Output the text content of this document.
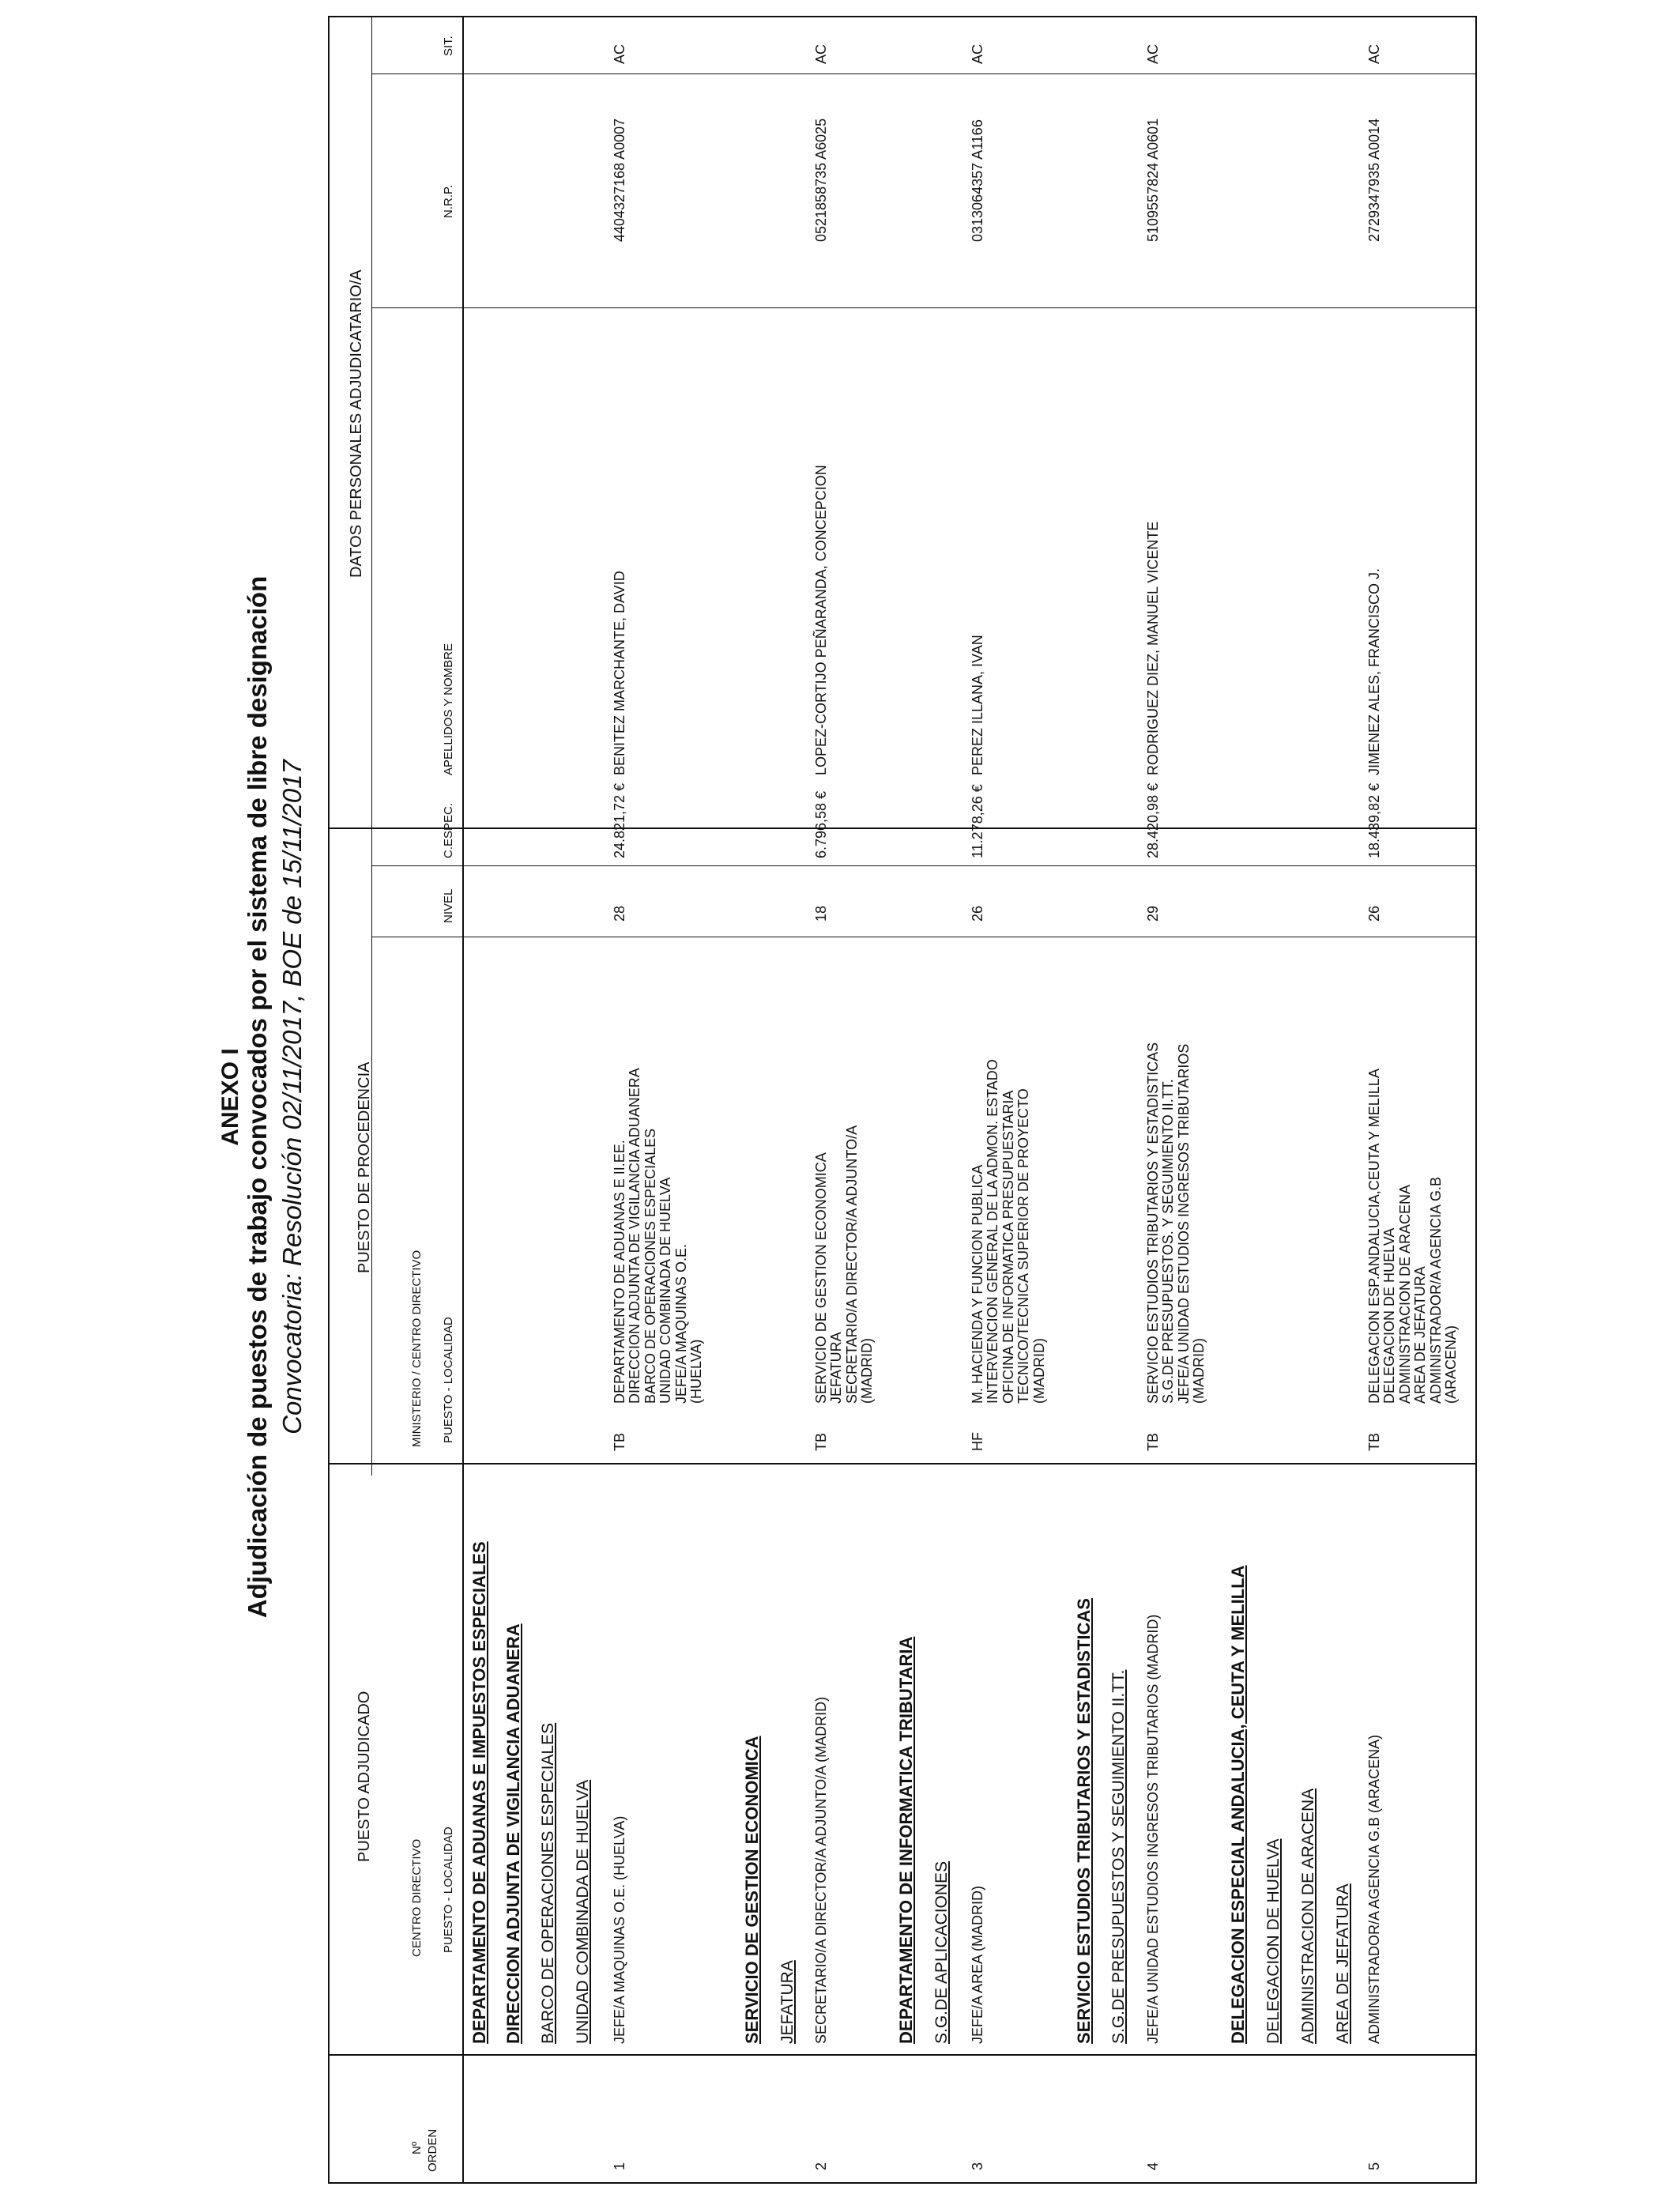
ANEXO I Adjudicación de puestos de trabajo convocados por el sistema de libre designación Convocatoria: Resolución 02/11/2017, BOE de 15/11/2017
Nº ORDEN
PUESTO ADJUDICADO
CENTRO DIRECTIVO PUESTO - LOCALIDAD
PUESTO DE PROCEDENCIA
MINISTERIO / CENTRO DIRECTIVO PUESTO - LOCALIDAD
NIVEL
C.ESPEC.
DATOS PERSONALES ADJUDICATARIO/A
APELLIDOS Y NOMBRE
N.R.P.
SIT.
DEPARTAMENTO DE ADUANAS E IMPUESTOS ESPECIALES DIRECCION ADJUNTA DE VIGILANCIA ADUANERA BARCO DE OPERACIONES ESPECIALES UNIDAD COMBINADA DE HUELVA
1
JEFE/A MAQUINAS O.E. (HUELVA)
TB
DEPARTAMENTO DE ADUANAS E II.EE.
DIRECCION ADJUNTA DE VIGILANCIA ADUANERA
BARCO DE OPERACIONES ESPECIALES
UNIDAD COMBINADA DE HUELVA
JEFE/A MAQUINAS O.E.
(HUELVA)
28
24.821,72 €
BENITEZ MARCHANTE, DAVID
4404327168 A0007
AC
SERVICIO DE GESTION ECONOMICA JEFATURA
2
SECRETARIO/A DIRECTOR/A ADJUNTO/A (MADRID)
TB
SERVICIO DE GESTION ECONOMICA
JEFATURA
SECRETARIO/A DIRECTOR/A ADJUNTO/A
(MADRID)
18
6.796,58 €
LOPEZ-CORTIJO PEÑARANDA, CONCEPCION
0521858735 A6025
AC
DEPARTAMENTO DE INFORMATICA TRIBUTARIA S.G.DE APLICACIONES
3
JEFE/A AREA (MADRID)
HF
M. HACIENDA Y FUNCION PUBLICA
INTERVENCION GENERAL DE LA ADMON. ESTADO
OFICINA DE INFORMATICA PRESUPUESTARIA
TECNICO/TECNICA SUPERIOR DE PROYECTO
(MADRID)
26
11.278,26 €
PEREZ ILLANA, IVAN
0313064357 A1166
AC
SERVICIO ESTUDIOS TRIBUTARIOS Y ESTADISTICAS S.G.DE PRESUPUESTOS Y SEGUIMIENTO II.TT.
4
JEFE/A UNIDAD ESTUDIOS INGRESOS TRIBUTARIOS (MADRID)
TB
SERVICIO ESTUDIOS TRIBUTARIOS Y ESTADISTICAS
S.G.DE PRESUPUESTOS. Y SEGUIMIENTO II.TT.
JEFE/A UNIDAD ESTUDIOS INGRESOS TRIBUTARIOS
(MADRID)
29
28.420,98 €
RODRIGUEZ DIEZ, MANUEL VICENTE
5109557824 A0601
AC
DELEGACION ESPECIAL ANDALUCIA, CEUTA Y MELILLA DELEGACION DE HUELVA ADMINISTRACION DE ARACENA AREA DE JEFATURA
5
ADMINISTRADOR/A AGENCIA G.B (ARACENA)
TB
DELEGACION ESP.ANDALUCIA,CEUTA Y MELILLA
DELEGACION DE HUELVA
ADMINISTRACION DE ARACENA
AREA DE JEFATURA
ADMINISTRADOR/A AGENCIA G.B
(ARACENA)
26
18.439,82 €
JIMENEZ ALES, FRANCISCO J.
2729347935 A0014
AC
